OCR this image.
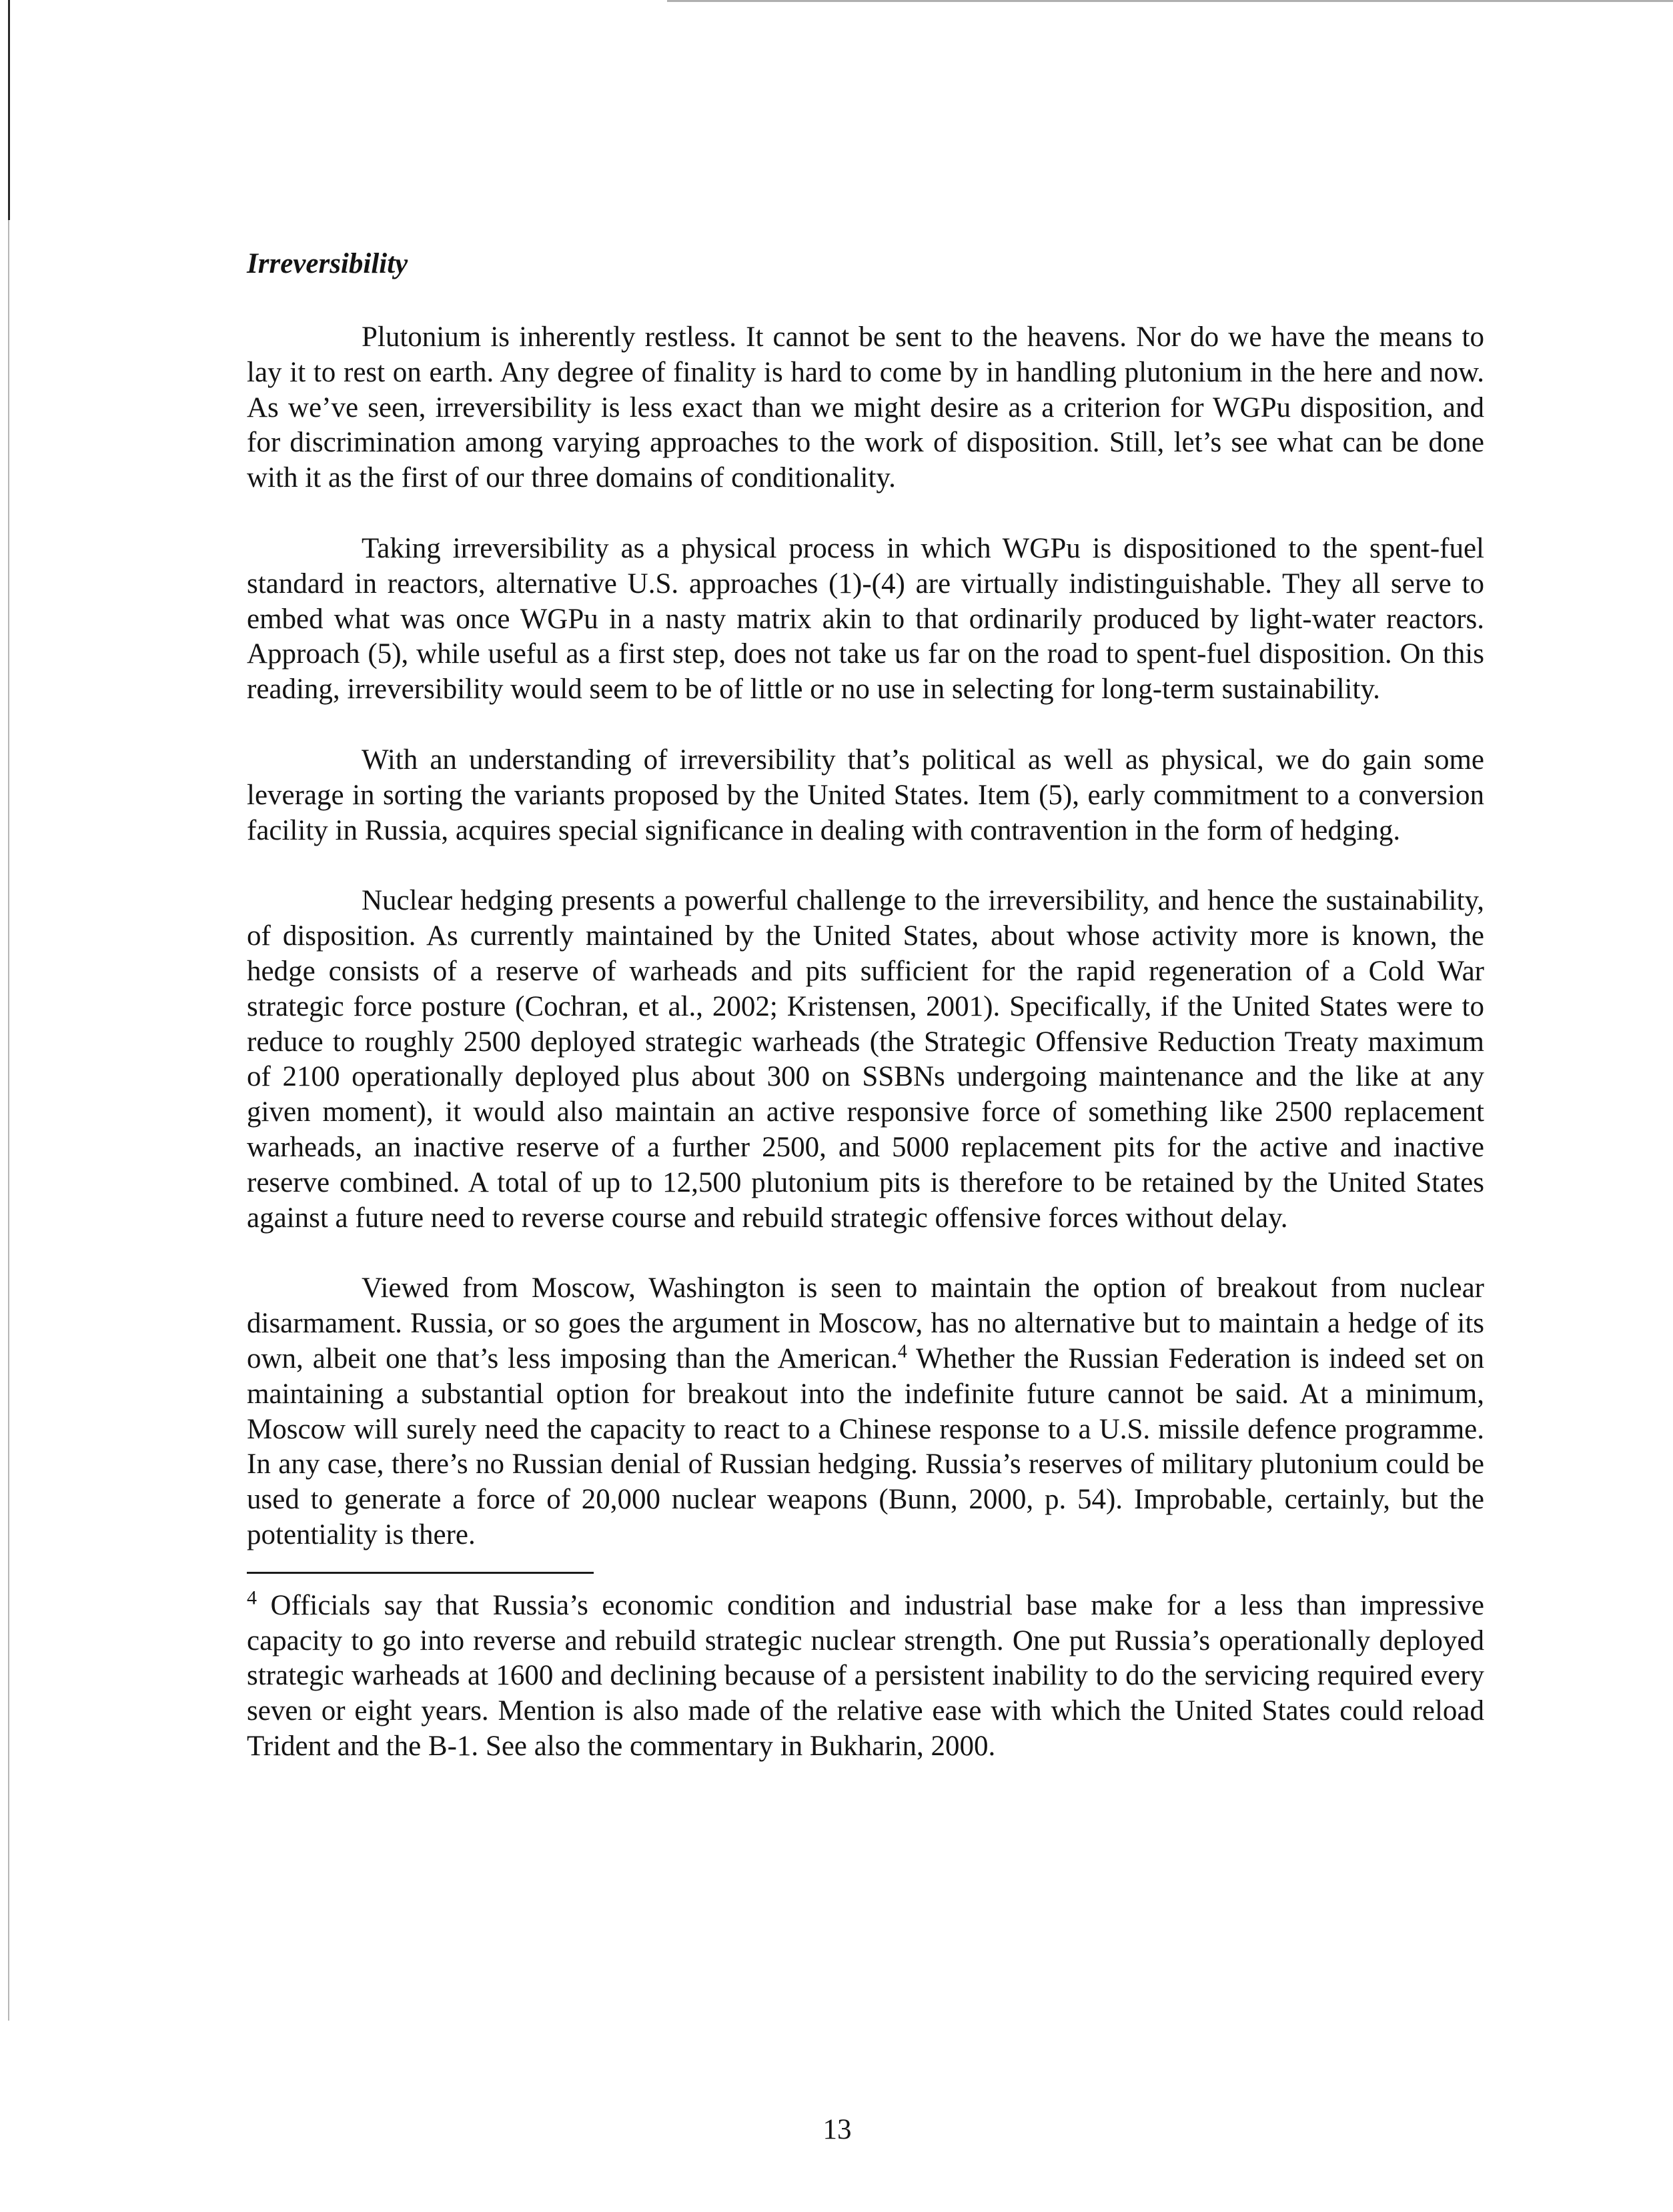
Irreversibility

Plutonium is inherently restless. It cannot be sent to the heavens. Nor do we have the means to lay it to rest on earth. Any degree of finality is hard to come by in handling plutonium in the here and now. As we’ve seen, irreversibility is less exact than we might desire as a criterion for WGPu disposition, and for discrimination among varying approaches to the work of disposition. Still, let’s see what can be done with it as the first of our three domains of conditionality.

Taking irreversibility as a physical process in which WGPu is dispositioned to the spent-fuel standard in reactors, alternative U.S. approaches (1)-(4) are virtually indistinguishable. They all serve to embed what was once WGPu in a nasty matrix akin to that ordinarily produced by light-water reactors. Approach (5), while useful as a first step, does not take us far on the road to spent-fuel disposition. On this reading, irreversibility would seem to be of little or no use in selecting for long-term sustainability.

With an understanding of irreversibility that’s political as well as physical, we do gain some leverage in sorting the variants proposed by the United States. Item (5), early commitment to a conversion facility in Russia, acquires special significance in dealing with contravention in the form of hedging.

Nuclear hedging presents a powerful challenge to the irreversibility, and hence the sustainability, of disposition. As currently maintained by the United States, about whose activity more is known, the hedge consists of a reserve of warheads and pits sufficient for the rapid regeneration of a Cold War strategic force posture (Cochran, et al., 2002; Kristensen, 2001). Specifically, if the United States were to reduce to roughly 2500 deployed strategic warheads (the Strategic Offensive Reduction Treaty maximum of 2100 operationally deployed plus about 300 on SSBNs undergoing maintenance and the like at any given moment), it would also maintain an active responsive force of something like 2500 replacement warheads, an inactive reserve of a further 2500, and 5000 replacement pits for the active and inactive reserve combined. A total of up to 12,500 plutonium pits is therefore to be retained by the United States against a future need to reverse course and rebuild strategic offensive forces without delay.

Viewed from Moscow, Washington is seen to maintain the option of breakout from nuclear disarmament. Russia, or so goes the argument in Moscow, has no alternative but to maintain a hedge of its own, albeit one that’s less imposing than the American.$^4$ Whether the Russian Federation is indeed set on maintaining a substantial option for breakout into the indefinite future cannot be said. At a minimum, Moscow will surely need the capacity to react to a Chinese response to a U.S. missile defence programme. In any case, there’s no Russian denial of Russian hedging. Russia’s reserves of military plutonium could be used to generate a force of 20,000 nuclear weapons (Bunn, 2000, p. 54). Improbable, certainly, but the potentiality is there.

$^4$ Officials say that Russia’s economic condition and industrial base make for a less than impressive capacity to go into reverse and rebuild strategic nuclear strength. One put Russia’s operationally deployed strategic warheads at 1600 and declining because of a persistent inability to do the servicing required every seven or eight years. Mention is also made of the relative ease with which the United States could reload Trident and the B-1. See also the commentary in Bukharin, 2000.

13
